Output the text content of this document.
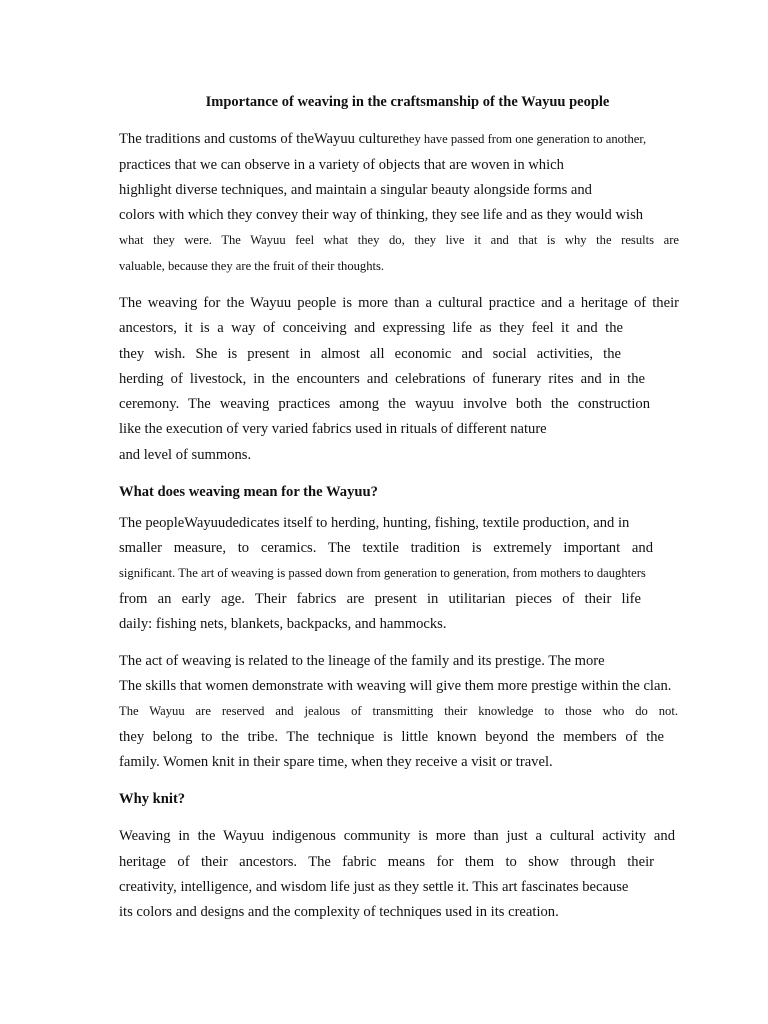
Importance of weaving in the craftsmanship of the Wayuu people
The traditions and customs of theWayuu culturethey have passed from one generation to another,
practices that we can observe in a variety of objects that are woven in which
highlight diverse techniques, and maintain a singular beauty alongside forms and
colors with which they convey their way of thinking, they see life and as they would wish
what they were. The Wayuu feel what they do, they live it and that is why the results are
valuable, because they are the fruit of their thoughts.
The weaving for the Wayuu people is more than a cultural practice and a heritage of their
ancestors, it is a way of conceiving and expressing life as they feel it and the
they wish. She is present in almost all economic and social activities, the
herding of livestock, in the encounters and celebrations of funerary rites and in the
ceremony. The weaving practices among the wayuu involve both the construction
like the execution of very varied fabrics used in rituals of different nature
and level of summons.
What does weaving mean for the Wayuu?
The peopleWayuudedicates itself to herding, hunting, fishing, textile production, and in
smaller measure, to ceramics. The textile tradition is extremely important and
significant. The art of weaving is passed down from generation to generation, from mothers to daughters
from an early age. Their fabrics are present in utilitarian pieces of their life
daily: fishing nets, blankets, backpacks, and hammocks.
The act of weaving is related to the lineage of the family and its prestige. The more
The skills that women demonstrate with weaving will give them more prestige within the clan.
The Wayuu are reserved and jealous of transmitting their knowledge to those who do not.
they belong to the tribe. The technique is little known beyond the members of the
family. Women knit in their spare time, when they receive a visit or travel.
Why knit?
Weaving in the Wayuu indigenous community is more than just a cultural activity and
heritage of their ancestors. The fabric means for them to show through their
creativity, intelligence, and wisdom life just as they settle it. This art fascinates because
its colors and designs and the complexity of techniques used in its creation.
